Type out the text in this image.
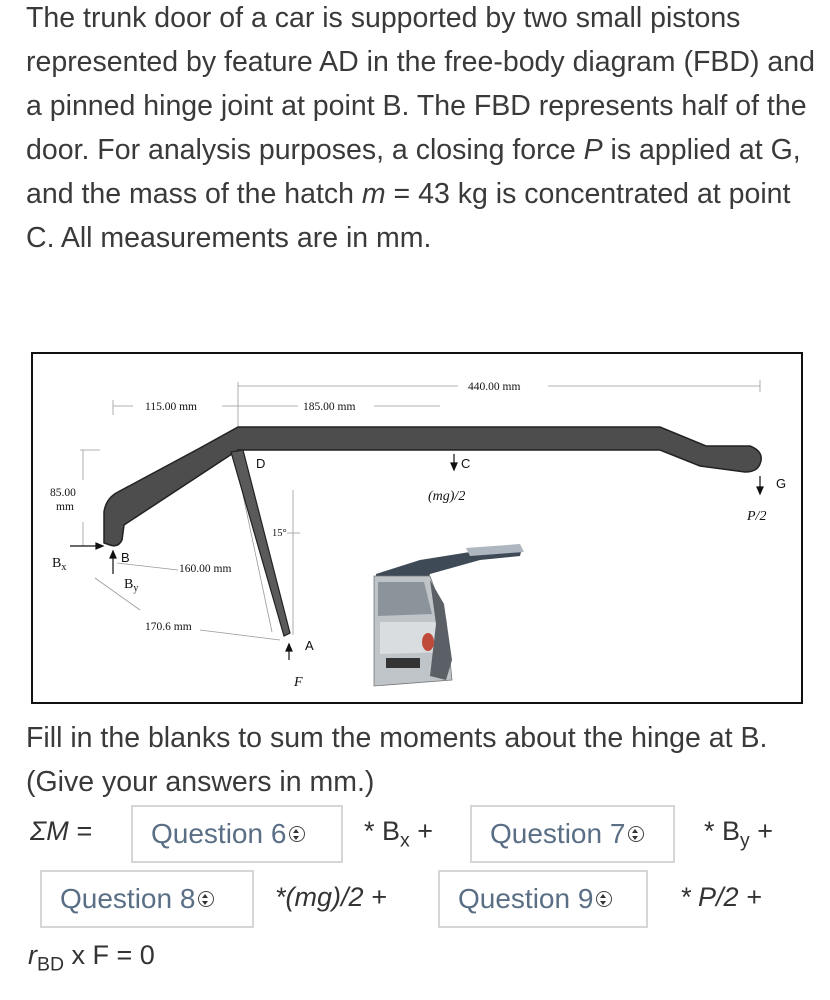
The trunk door of a car is supported by two small pistons represented by feature AD in the free-body diagram (FBD) and a pinned hinge joint at point B. The FBD represents half of the door. For analysis purposes, a closing force P is applied at G, and the mass of the hatch m = 43 kg is concentrated at point C. All measurements are in mm.
115.00 mm	185.00 mm
440.00 mm
85.00
mm
160.00 mm
170.6 mm
15°
B
$B_x$
$B_y$
D	C
(mg)/2
G
P/2
A
F
Fill in the blanks to sum the moments about the hinge at B. (Give your answers in mm.)
ΣM = Question 6	* $B_x$ + Question 7	* $B_y$ +
Question 8	*(mg)/2 +	Question 9	* P/2 +
$r_{BD}$ x F = 0
